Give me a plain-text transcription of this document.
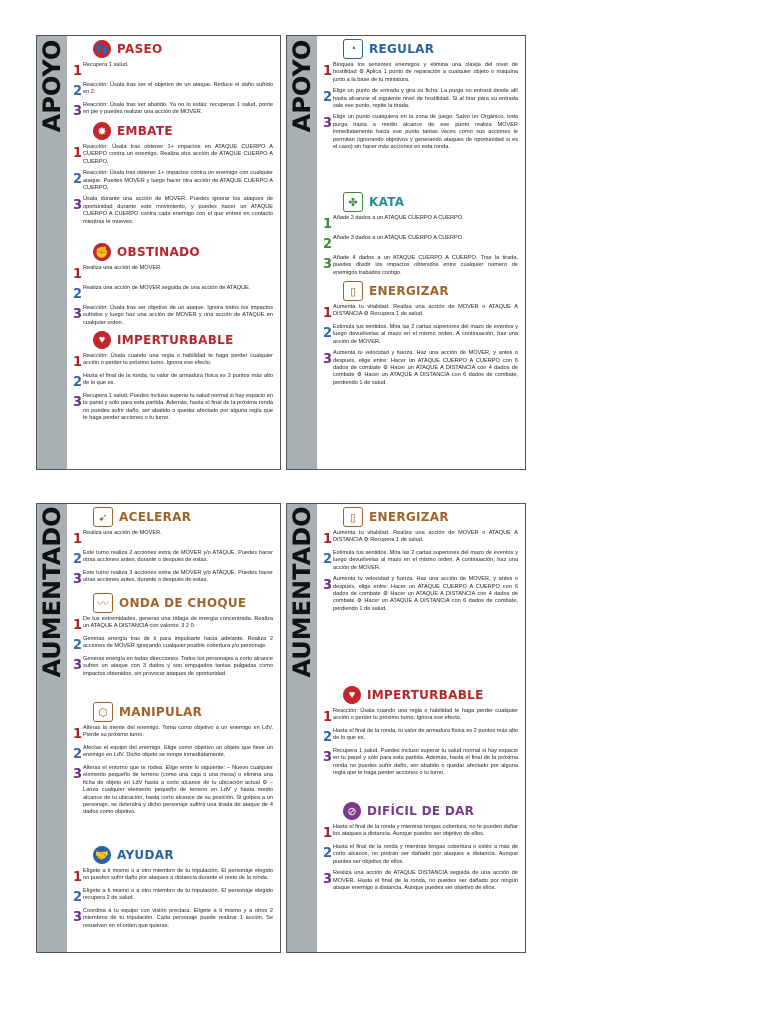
APOYO	👣 PASEO
1 Recupera 1 salud.
2 Reacción: Úsala tras ser el objetivo de un ataque. Reduce el daño sufrido en 2.
3 Reacción: Úsala tras ser abatido. Ya no lo estás: recuperas 1 salud, ponte en pie y puedes realizar una acción de MOVER.
✸ EMBATE
1 Reacción: Úsala tras obtener 1+ impactos en ATAQUE CUERPO A CUERPO contra un enemigo. Realiza otra acción de ATAQUE CUERPO A CUERPO.
2 Reacción: Úsala tras obtener 1+ impactos contra un enemigo con cualquier ataque. Puedes MOVER y luego hacer otra acción de ATAQUE CUERPO A CUERPO.
3 Úsala durante una acción de MOVER. Puedes ignorar los ataques de oportunidad durante este movimiento, y puedes hacer un ATAQUE CUERPO A CUERPO contra cada enemigo con el que entres en contacto mientras te mueves.
✊ OBSTINADO
1 Realiza una acción de MOVER.
2 Realiza una acción de MOVER seguida de una acción de ATAQUE.
3 Reacción: Úsala tras ser objetivo de un ataque. Ignora todos los impactos sufridos y luego haz una acción de MOVER y una acción de ATAQUE en cualquier orden.
♥ IMPERTURBABLE
1 Reacción: Úsala cuando una regla o habilidad te haga perder cualquier acción o perder tu próximo turno. Ignora ese efecto.
2 Hasta el final de la ronda, tu valor de armadura física es 2 puntos más alto de lo que es.
3 Recupera 1 salud. Puedes incluso superar tu salud normal si hay espacio en tu panel y sólo para esta partida. Además, hasta el final de la próxima ronda no puedes sufrir daño, ser abatido o quedar afectado por alguna regla que te haga perder acciones o tu turno.
APOYO	◔	REGULAR
1 Bloquea los sensores enemigos y elimina una clavija del nivel de hostilidad ⚙ Aplica 1 punto de reparación a cualquier objeto o máquina junto a la base de tu miniatura.
2 Elige un punto de entrada y gira su ficha. La purga no entrará desde allí hasta alcanzar el siguiente nivel de hostilidad. Si al tirar para su entrada sale ese punto, repite la tirada.
3 Elige un punto cualquiera en la zona de juego. Salvo un Orgánico, toda purga hasta a medio alcance de ese punto realiza MOVER inmediatamente hacia ese punto tantas veces como sus acciones le permitan (ignorando objetivos y generando ataques de oportunidad si es el caso) sin hacer más acciones en esta ronda.
✤ KATA
1 Añade 2 dados a un ATAQUE CUERPO A CUERPO.
2 Añade 3 dados a un ATAQUE CUERPO A CUERPO.
3 Añade 4 dados a un ATAQUE CUERPO A CUERPO. Tras la tirada, puedes dividir los impactos obtenidos entre cualquier número de enemigos trabados contigo.
▯	ENERGIZAR
1 Aumenta tu vitalidad. Realiza una acción de MOVER o ATAQUE A DISTANCIA ⚙ Recupera 1 de salud.
2 Estimula tus sentidos. Mira las 2 cartas superiores del mazo de eventos y luego devuélvelas al mazo en el mismo orden. A continuación, haz una acción de MOVER.
3 Aumenta tu velocidad y fuerza. Haz una acción de MOVER, y antes o después, elige entre: Hacer un ATAQUE CUERPO A CUERPO con 6 dados de combate ⚙ Hacer un ATAQUE A DISTANCIA con 4 dados de combate ⚙ Hacer un ATAQUE A DISTANCIA con 6 dados de combate, perdiendo 1 de salud.
AUMENTADO	➹ ACELERAR
1 Realiza una acción de MOVER.
2 Este turno realiza 2 acciones extra de MOVER y/o ATAQUE. Puedes hacer otras acciones antes, durante o después de estas.
3 Este turno realiza 3 acciones extra de MOVER y/o ATAQUE. Puedes hacer otras acciones antes, durante o después de estas.
〰 ONDA DE CHOQUE
1 De tus extremidades, generas una ráfaga de energía concentrada. Realiza un ATAQUE A DISTANCIA con valores: 3 2 0.
2 Generas energía tras de ti para impulsarte hacia adelante. Realiza 2 acciones de MOVER ignorando cualquier posible cobertura y/o personaje.
3 Generas energía en todas direcciones. Todos los personajes a corto alcance sufren un ataque con 3 dados y son empujados tantas pulgadas como impactos obtenidos, sin provocar ataques de oportunidad.
⬡ MANIPULAR
1 Alteras la mente del enemigo. Toma como objetivo a un enemigo en LdV. Pierde su próximo turno.
2 Afectas el equipo del enemigo. Elige como objetivo un objeto que lleve un enemigo en LdV. Dicho objeto se rompe inmediatamente.
3 Alteras el entorno que te rodea. Elige entre lo siguiente: – Nuevo cualquier elemento pequeño de terreno (como una caja o una mesa) o elimina una ficha de objeto en LdV hasta a corto alcance de tu ubicación actual ⚙ – Lanza cualquier elemento pequeño de terreno en LdV y hasta medio alcance de tu ubicación, hasta corto alcance de su posición. Si golpea a un personaje, se detendrá y dicho personaje sufrirá una tirada de ataque de 4 dados como objetivo.
🤝 AYUDAR
1 Elígete a ti mismo o a otro miembro de tu tripulación. El personaje elegido no pueden sufrir daño por ataques a distancia durante el resto de la ronda.
2 Elígete a ti mismo o a otro miembro de tu tripulación. El personaje elegido recupera 2 de salud.
3 Coordina a tu equipo con visión preclara. Elígete a ti mismo y a otros 2 miembros de tu tripulación. Cada personaje puede realizar 1 acción. Se resuelven en el orden que quieras.
AUMENTADO	▯	ENERGIZAR
1 Aumenta tu vitalidad. Realiza una acción de MOVER o ATAQUE A DISTANCIA ⚙ Recupera 1 de salud.
2 Estimula tus sentidos. Mira las 2 cartas superiores del mazo de eventos y luego devuélvelas al mazo en el mismo orden. A continuación, haz una acción de MOVER.
3 Aumenta tu velocidad y fuerza. Haz una acción de MOVER, y antes o después, elige entre: Hacer un ATAQUE CUERPO A CUERPO con 6 dados de combate ⚙ Hacer un ATAQUE A DISTANCIA con 4 dados de combate ⚙ Hacer un ATAQUE A DISTANCIA con 6 dados de combate, perdiendo 1 de salud.
♥ IMPERTURBABLE
1 Reacción: Úsala cuando una regla o habilidad te haga perder cualquier acción o perder tu próximo turno. Ignora ese efecto.
2 Hasta el final de la ronda, tu valor de armadura física es 2 puntos más alto de lo que es.
3 Recupera 1 salud. Puedes incluso superar tu salud normal si hay espacio en tu panel y sólo para esta partida. Además, hasta el final de la próxima ronda no puedes sufrir daño, ser abatido o quedar afectado por alguna regla que te haga perder acciones o tu turno.
⊘ DIFÍCIL DE DAR
1 Hasta el final de la ronda y mientras tengas cobertura, no te pueden dañar los ataques a distancia. Aunque puedes ser objetivo de ellos.
2 Hasta el final de la ronda y mientras tengas cobertura o estés a más de corto alcance, no podrán ser dañado por ataques a distancia. Aunque puedes ser objetivo de ellos.
3 Realiza una acción de ATAQUE DISTANCIA seguida de una acción de MOVER. Hasta el final de la ronda, no puedes ser dañado por ningún ataque enemigo a distancia. Aunque puedes ser objetivo de ellos.
